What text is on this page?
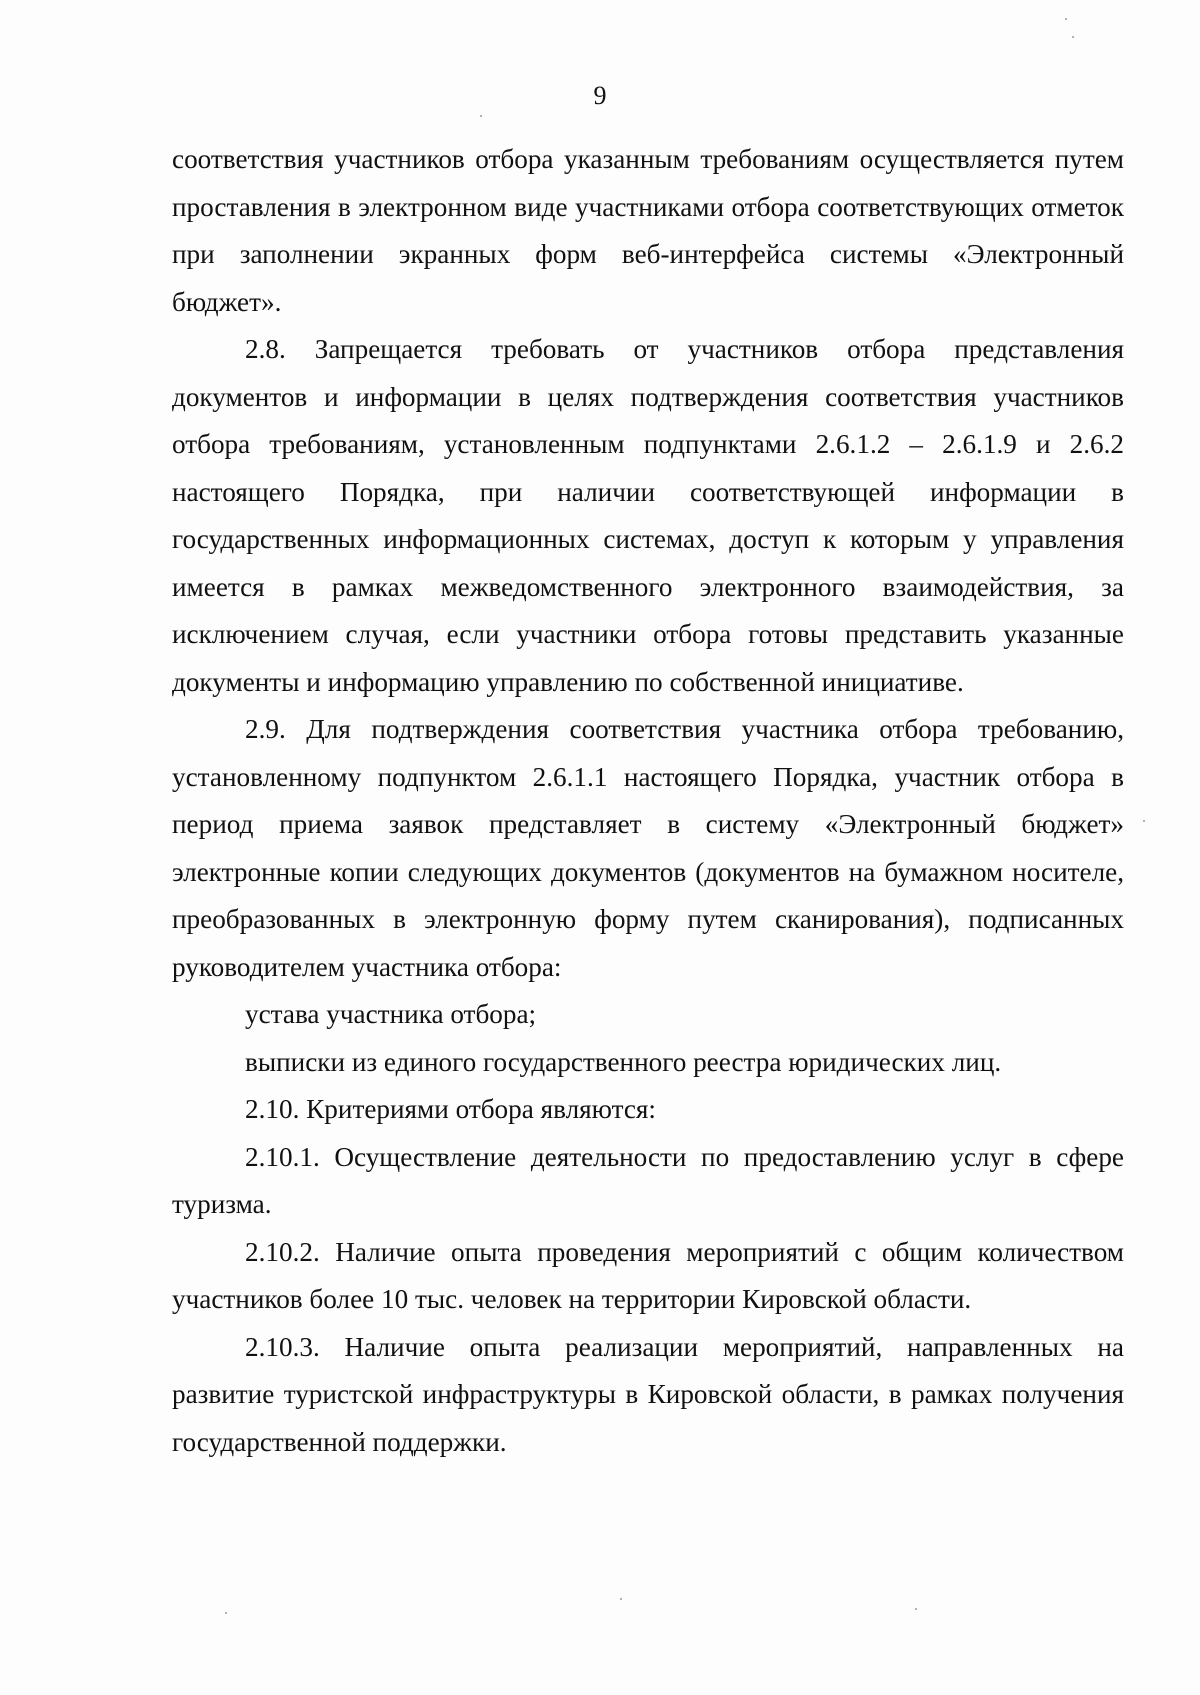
9

соответствия участников отбора указанным требованиям осуществляется путем проставления в электронном виде участниками отбора соответствующих отметок при заполнении экранных форм веб-интерфейса системы «Электронный бюджет».

2.8. Запрещается требовать от участников отбора представления документов и информации в целях подтверждения соответствия участников отбора требованиям, установленным подпунктами 2.6.1.2 – 2.6.1.9 и 2.6.2 настоящего Порядка, при наличии соответствующей информации в государственных информационных системах, доступ к которым у управления имеется в рамках межведомственного электронного взаимодействия, за исключением случая, если участники отбора готовы представить указанные документы и информацию управлению по собственной инициативе.

2.9. Для подтверждения соответствия участника отбора требованию, установленному подпунктом 2.6.1.1 настоящего Порядка, участник отбора в период приема заявок представляет в систему «Электронный бюджет» электронные копии следующих документов (документов на бумажном носителе, преобразованных в электронную форму путем сканирования), подписанных руководителем участника отбора:

устава участника отбора;

выписки из единого государственного реестра юридических лиц.

2.10. Критериями отбора являются:

2.10.1. Осуществление деятельности по предоставлению услуг в сфере туризма.

2.10.2. Наличие опыта проведения мероприятий с общим количеством участников более 10 тыс. человек на территории Кировской области.

2.10.3. Наличие опыта реализации мероприятий, направленных на развитие туристской инфраструктуры в Кировской области, в рамках получения государственной поддержки.
